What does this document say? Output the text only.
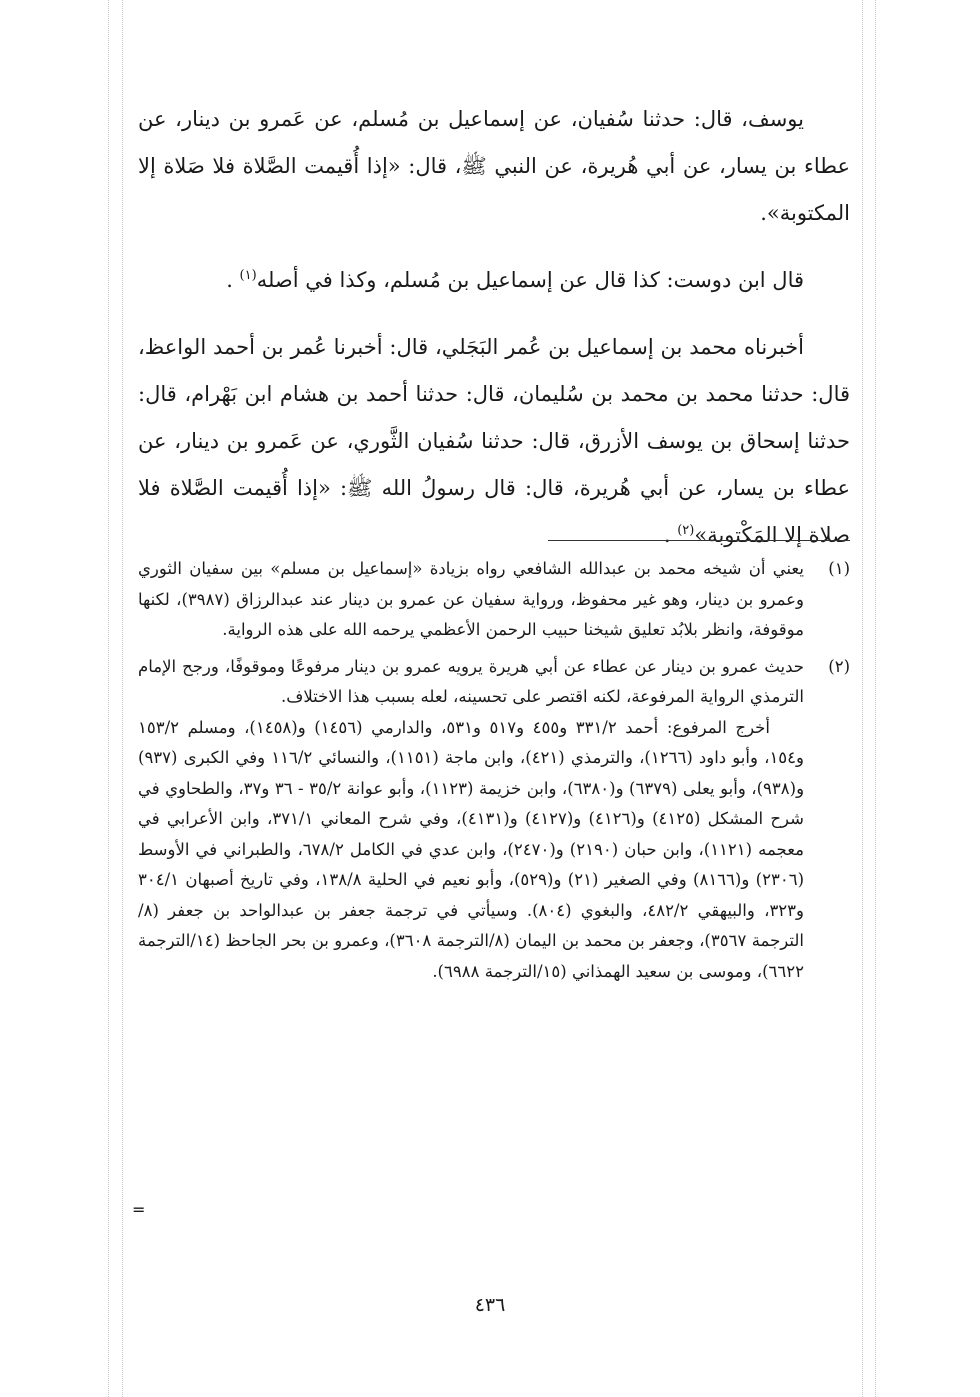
يوسف، قال: حدثنا سُفيان، عن إسماعيل بن مُسلم، عن عَمرو بن دينار، عن عطاء بن يسار، عن أبي هُريرة، عن النبي ﷺ، قال: «إذا أُقيمت الصَّلاة فلا صَلاة إلا المكتوبة».

قال ابن دوست: كذا قال عن إسماعيل بن مُسلم، وكذا في أصله$^{(١)}$ .

أخبرناه محمد بن إسماعيل بن عُمر البَجَلي، قال: أخبرنا عُمر بن أحمد الواعظ، قال: حدثنا محمد بن محمد بن سُليمان، قال: حدثنا أحمد بن هشام ابن بَهْرام، قال: حدثنا إسحاق بن يوسف الأزرق، قال: حدثنا سُفيان الثَّوري، عن عَمرو بن دينار، عن عطاء بن يسار، عن أبي هُريرة، قال: قال رسولُ الله ﷺ: «إذا أُقيمت الصَّلاة فلا صلاة إلا المَكْتوبة»$^{(٢)}$ .

(١)

يعني أن شيخه محمد بن عبدالله الشافعي رواه بزيادة «إسماعيل بن مسلم» بين سفيان الثوري وعمرو بن دينار، وهو غير محفوظ، ورواية سفيان عن عمرو بن دينار عند عبدالرزاق (٣٩٨٧)، لكنها موقوفة، وانظر بلابُد تعليق شيخنا حبيب الرحمن الأعظمي يرحمه الله على هذه الرواية.

(٢)

حديث عمرو بن دينار عن عطاء عن أبي هريرة يرويه عمرو بن دينار مرفوعًا وموقوفًا، ورجح الإمام الترمذي الرواية المرفوعة، لكنه اقتصر على تحسينه، لعله بسبب هذا الاختلاف.

أخرج المرفوع: أحمد ٣٣١/٢ و٤٥٥ و٥١٧ و٥٣١، والدارمي (١٤٥٦) و(١٤٥٨)، ومسلم ١٥٣/٢ و١٥٤، وأبو داود (١٢٦٦)، والترمذي (٤٢١)، وابن ماجة (١١٥١)، والنسائي ١١٦/٢ وفي الكبرى (٩٣٧) و(٩٣٨)، وأبو يعلى (٦٣٧٩) و(٦٣٨٠)، وابن خزيمة (١١٢٣)، وأبو عوانة ٣٥/٢ - ٣٦ و٣٧، والطحاوي في شرح المشكل (٤١٢٥) و(٤١٢٦) و(٤١٢٧) و(٤١٣١)، وفي شرح المعاني ٣٧١/١، وابن الأعرابي في معجمه (١١٢١)، وابن حبان (٢١٩٠) و(٢٤٧٠)، وابن عدي في الكامل ٦٧٨/٢، والطبراني في الأوسط (٢٣٠٦) و(٨١٦٦) وفي الصغير (٢١) و(٥٢٩)، وأبو نعيم في الحلية ١٣٨/٨، وفي تاريخ أصبهان ٣٠٤/١ و٣٢٣، والبيهقي ٤٨٢/٢، والبغوي (٨٠٤). وسيأتي في ترجمة جعفر بن عبدالواحد بن جعفر (٨/الترجمة ٣٥٦٧)، وجعفر بن محمد بن اليمان (٨/الترجمة ٣٦٠٨)، وعمرو بن بحر الجاحظ (١٤/الترجمة ٦٦٢٢)، وموسى بن سعيد الهمذاني (١٥/الترجمة ٦٩٨٨).

=
٤٣٦
